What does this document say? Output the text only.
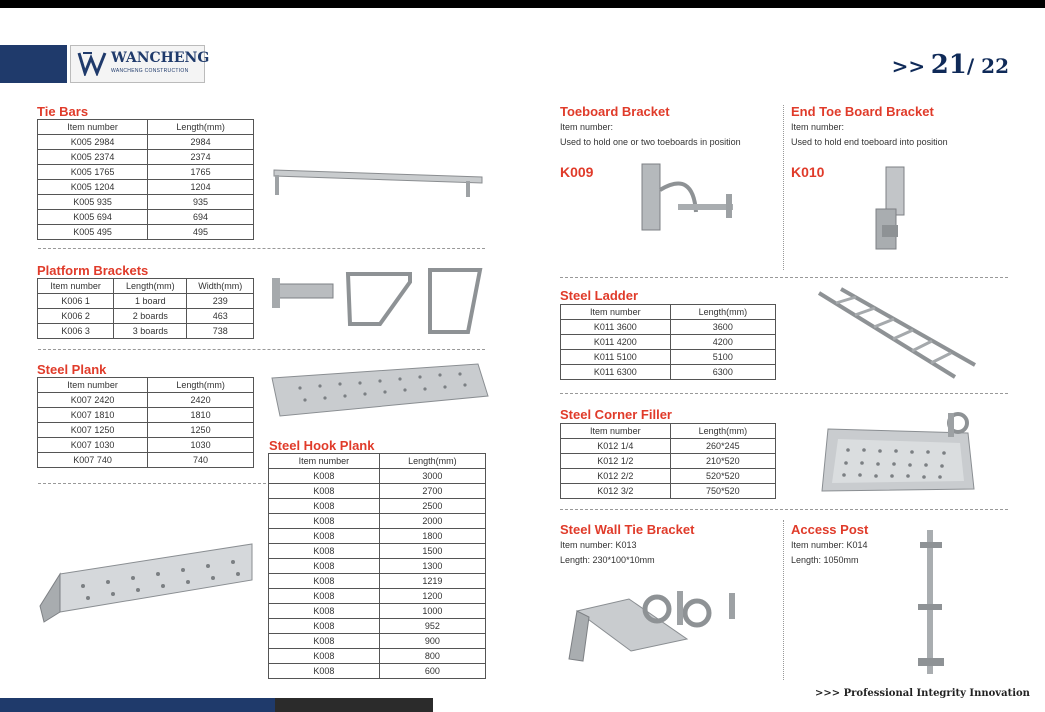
WANCHENG
WANCHENG CONSTRUCTION	>> 21/ 22
Tie Bars
Item number	Length(mm)
K005 2984	2984
K005 2374	2374
K005 1765	1765
K005 1204	1204
K005 935	935
K005 694	694
K005 495	495
Platform Brackets
Item number	Length(mm)	Width(mm)
K006 1	1 board	239
K006 2	2 boards	463
K006 3	3 boards	738
Steel Plank
Item number	Length(mm)
K007 2420	2420
K007 1810	1810
K007 1250	1250
K007 1030	1030
K007 740	740
Steel Hook Plank
Item number	Length(mm)
K008	3000
K008	2700
K008	2500
K008	2000
K008	1800
K008	1500
K008	1300
K008	1219
K008	1200
K008	1000
K008	952
K008	900
K008	800
K008	600
Toeboard Bracket
Item number:
Used to hold one or two toeboards in position
K009
End Toe Board Bracket
Item number:
Used to hold end toeboard into position
K010
Steel Ladder
Item number	Length(mm)
K011 3600	3600
K011 4200	4200
K011 5100	5100
K011 6300	6300
Steel Corner Filler
Item number	Length(mm)
K012 1/4	260*245
K012 1/2	210*520
K012 2/2	520*520
K012 3/2	750*520
Steel Wall Tie Bracket
Item number: K013
Length: 230*100*10mm
Access Post
Item number: K014
Length: 1050mm
>>> Professional Integrity Innovation
